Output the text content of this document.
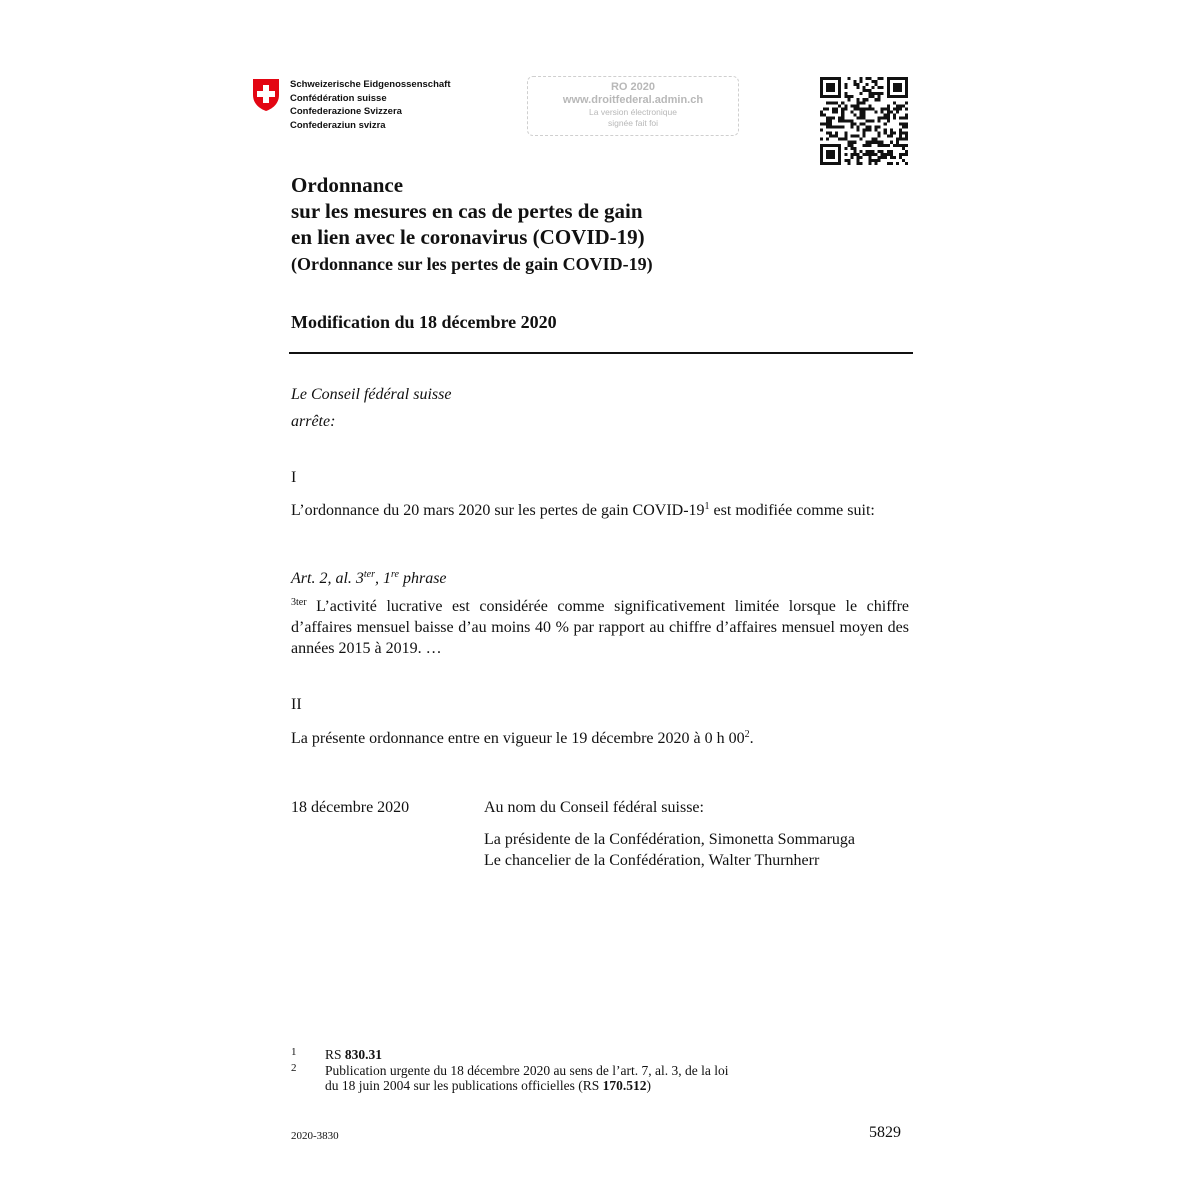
Schweizerische Eidgenossenschaft
Confédération suisse
Confederazione Svizzera
Confederaziun svizra
RO 2020
www.droitfederal.admin.ch
La version électronique
signée fait foi
Ordonnance
sur les mesures en cas de pertes de gain
en lien avec le coronavirus (COVID-19)
(Ordonnance sur les pertes de gain COVID-19)
Modification du 18 décembre 2020
Le Conseil fédéral suisse
arrête:
I
L’ordonnance du 20 mars 2020 sur les pertes de gain COVID-$19^1$ est modifiée comme suit:
Art. 2, al. $3^{ter}$, 1re phrase
$^{3ter}$ L’activité lucrative est considérée comme significativement limitée lorsque le chiffre d’affaires mensuel baisse d’au moins 40 % par rapport au chiffre d’affaires mensuel moyen des années 2015 à 2019. …
II
La présente ordonnance entre en vigueur le 19 décembre 2020 à 0 h $00^2$.
18 décembre 2020	Au nom du Conseil fédéral suisse:
La présidente de la Confédération, Simonetta Sommaruga
Le chancelier de la Confédération, Walter Thurnherr
1 RS 830.31
2 Publication urgente du 18 décembre 2020 au sens de l’art. 7, al. 3, de la loi
du 18 juin 2004 sur les publications officielles (RS 170.512)
2020-3830	5829
